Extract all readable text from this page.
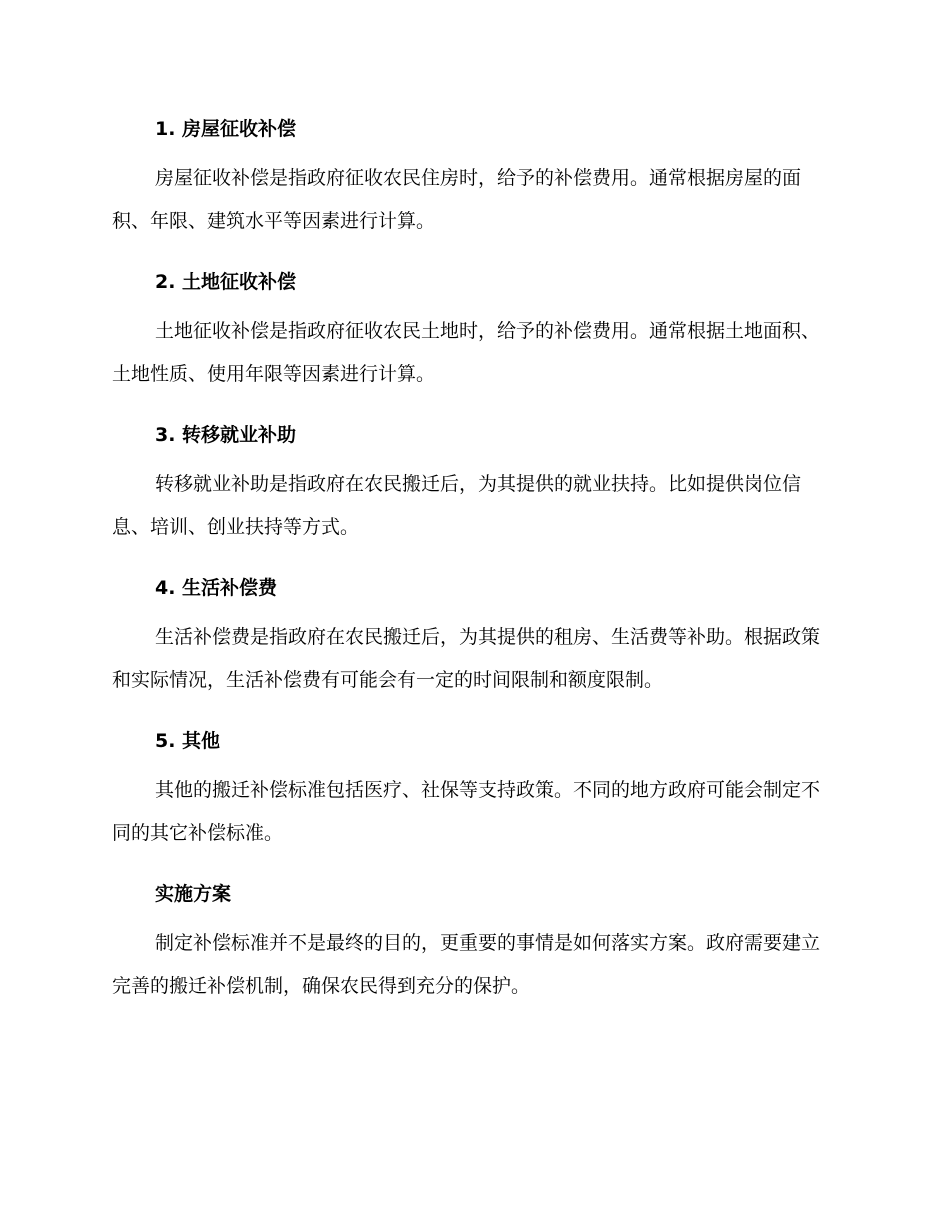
1. 房屋征收补偿

房屋征收补偿是指政府征收农民住房时，给予的补偿费用。通常根据房屋的面积、年限、建筑水平等因素进行计算。

2. 土地征收补偿

土地征收补偿是指政府征收农民土地时，给予的补偿费用。通常根据土地面积、土地性质、使用年限等因素进行计算。

3. 转移就业补助

转移就业补助是指政府在农民搬迁后，为其提供的就业扶持。比如提供岗位信息、培训、创业扶持等方式。

4. 生活补偿费

生活补偿费是指政府在农民搬迁后，为其提供的租房、生活费等补助。根据政策和实际情况，生活补偿费有可能会有一定的时间限制和额度限制。

5. 其他

其他的搬迁补偿标准包括医疗、社保等支持政策。不同的地方政府可能会制定不同的其它补偿标准。

实施方案

制定补偿标准并不是最终的目的，更重要的事情是如何落实方案。政府需要建立完善的搬迁补偿机制，确保农民得到充分的保护。
